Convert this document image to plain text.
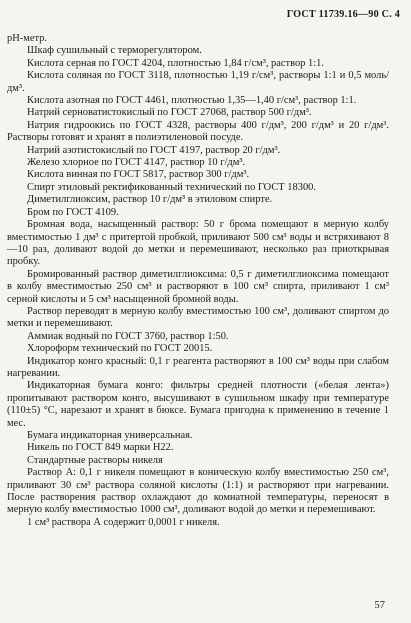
ГОСТ 11739.16—90 С. 4

рН-метр.

Шкаф сушильный с терморегулятором.

Кислота серная по ГОСТ 4204, плотностью 1,84 г/см³, раствор 1:1.

Кислота соляная по ГОСТ 3118, плотностью 1,19 г/см³, растворы 1:1 и 0,5 моль/дм³.

Кислота азотная по ГОСТ 4461, плотностью 1,35—1,40 г/см³, раствор 1:1.

Натрий сернoватистокислый по ГОСТ 27068, раствор 500 г/дм³.

Натрия гидроокись по ГОСТ 4328, растворы 400 г/дм³, 200 г/дм³ и 20 г/дм³. Растворы готовят и хранят в полиэтиленовой посуде.

Натрий азотистокислый по ГОСТ 4197, раствор 20 г/дм³.

Железо хлорное по ГОСТ 4147, раствор 10 г/дм³.

Кислота винная по ГОСТ 5817, раствор 300 г/дм³.

Спирт этиловый ректификованный технический по ГОСТ 18300.

Диметилглиоксим, раствор 10 г/дм³ в этиловом спирте.

Бром по ГОСТ 4109.

Бромная вода, насыщенный раствор: 50 г брома помещают в мерную колбу вместимостью 1 дм³ с притертой пробкой, приливают 500 см³ воды и встряхивают 8—10 раз, доливают водой до метки и перемешивают, несколько раз приоткрывая пробку.

Бромированный раствор диметилглиоксима: 0,5 г диметилглиоксима помещают в колбу вместимостью 250 см³ и растворяют в 100 см³ спирта, приливают 1 см³ серной кислоты и 5 см³ насыщенной бромной воды.

Раствор переводят в мерную колбу вместимостью 100 см³, доливают спиртом до метки и перемешивают.

Аммиак водный по ГОСТ 3760, раствор 1:50.

Хлороформ технический по ГОСТ 20015.

Индикатор конго красный: 0,1 г реагента растворяют в 100 см³ воды при слабом нагревании.

Индикаторная бумага конго: фильтры средней плотности («белая лента») пропитывают раствором конго, высушивают в сушильном шкафу при температуре (110±5) °С, нарезают и хранят в бюксе. Бумага пригодна к применению в течение 1 мес.

Бумага индикаторная универсальная.

Никель по ГОСТ 849 марки Н22.

Стандартные растворы никеля

Раствор А: 0,1 г никеля помещают в коническую колбу вместимостью 250 см³, приливают 30 см³ раствора соляной кислоты (1:1) и растворяют при нагревании. После растворения раствор охлаждают до комнатной температуры, переносят в мерную колбу вместимостью 1000 см³, доливают водой до метки и перемешивают.

1 см³ раствора А содержит 0,0001 г никеля.

57
